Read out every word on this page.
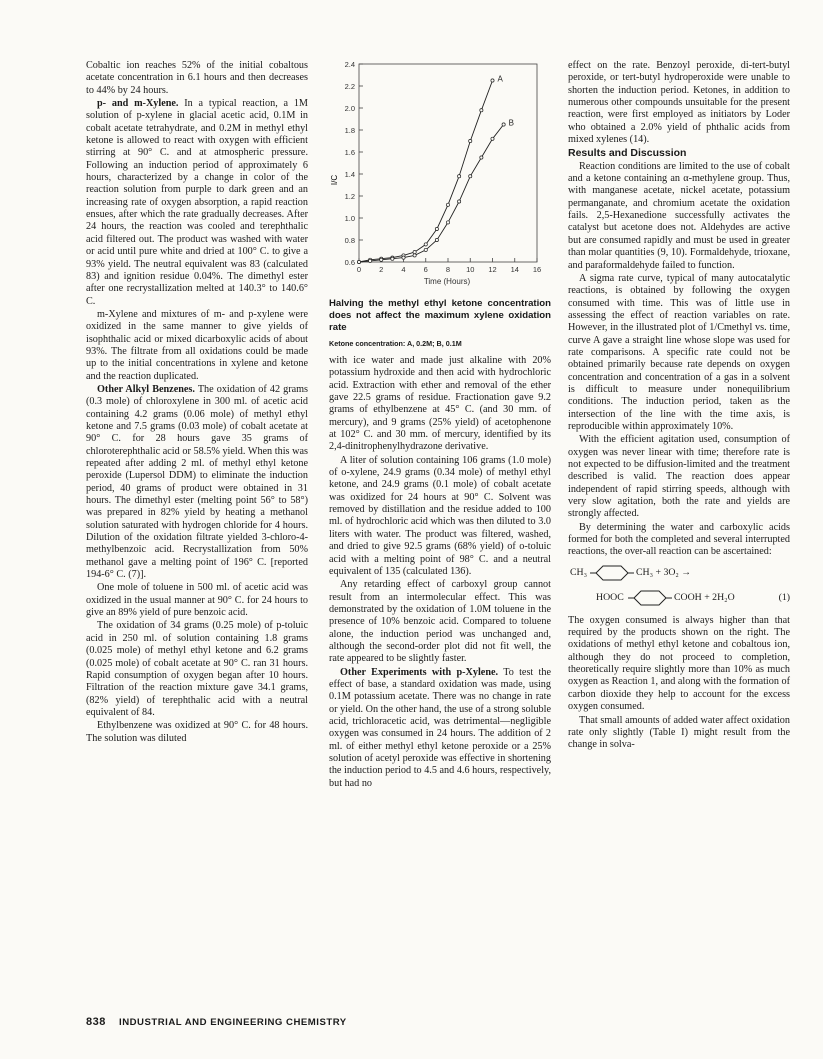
Cobaltic ion reaches 52% of the initial cobaltous acetate concentration in 6.1 hours and then decreases to 44% by 24 hours.

p- and m-Xylene. In a typical reaction, a 1M solution of p-xylene in glacial acetic acid, 0.1M in cobalt acetate tetrahydrate, and 0.2M in methyl ethyl ketone is allowed to react with oxygen with efficient stirring at 90° C. and at atmospheric pressure. Following an induction period of approximately 6 hours, characterized by a change in color of the reaction solution from purple to dark green and an increasing rate of oxygen absorption, a rapid reaction ensues, after which the rate gradually decreases. After 24 hours, the reaction was cooled and terephthalic acid filtered out. The product was washed with water or acid until pure white and dried at 100° C. to give a 93% yield. The neutral equivalent was 83 (calculated 83) and ignition residue 0.04%. The dimethyl ester after one recrystallization melted at 140.3° to 140.6° C.

m-Xylene and mixtures of m- and p-xylene were oxidized in the same manner to give yields of isophthalic acid or mixed dicarboxylic acids of about 93%. The filtrate from all oxidations could be made up to the initial concentrations in xylene and ketone and the reaction duplicated.

Other Alkyl Benzenes. The oxidation of 42 grams (0.3 mole) of chloroxylene in 300 ml. of acetic acid containing 4.2 grams (0.06 mole) of methyl ethyl ketone and 7.5 grams (0.03 mole) of cobalt acetate at 90° C. for 28 hours gave 35 grams of chloroterephthalic acid or 58.5% yield. When this was repeated after adding 2 ml. of methyl ethyl ketone peroxide (Lupersol DDM) to eliminate the induction period, 40 grams of product were obtained in 31 hours. The dimethyl ester (melting point 56° to 58°) was prepared in 82% yield by heating a methanol solution saturated with hydrogen chloride for 4 hours. Dilution of the oxidation filtrate yielded 3-chloro-4-methylbenzoic acid. Recrystallization from 50% methanol gave a melting point of 196° C. [reported 194-6° C. (7)].

One mole of toluene in 500 ml. of acetic acid was oxidized in the usual manner at 90° C. for 24 hours to give an 89% yield of pure benzoic acid.

The oxidation of 34 grams (0.25 mole) of p-toluic acid in 250 ml. of solution containing 1.8 grams (0.025 mole) of methyl ethyl ketone and 6.2 grams (0.025 mole) of cobalt acetate at 90° C. ran 31 hours. Rapid consumption of oxygen began after 10 hours. Filtration of the reaction mixture gave 34.1 grams, (82% yield) of terephthalic acid with a neutral equivalent of 84.

Ethylbenzene was oxidized at 90° C. for 48 hours. The solution was diluted

0.6
0.8
1.0
1.2
1.4
1.6
1.8
2.0
2.2
2.4
0 2 4 6 8 10 12 14 16
A
B
I/C
Time (Hours)
Halving the methyl ethyl ketone concentration does not affect the maximum xylene oxidation rate
Ketone concentration: A, 0.2M; B, 0.1M

with ice water and made just alkaline with 20% potassium hydroxide and then acid with hydrochloric acid. Extraction with ether and removal of the ether gave 22.5 grams of residue. Fractionation gave 9.2 grams of ethylbenzene at 45° C. (and 30 mm. of mercury), and 9 grams (25% yield) of acetophenone at 102° C. and 30 mm. of mercury, identified by its 2,4-dinitrophenylhydrazone derivative.

A liter of solution containing 106 grams (1.0 mole) of o-xylene, 24.9 grams (0.34 mole) of methyl ethyl ketone, and 24.9 grams (0.1 mole) of cobalt acetate was oxidized for 24 hours at 90° C. Solvent was removed by distillation and the residue added to 100 ml. of hydrochloric acid which was then diluted to 3.0 liters with water. The product was filtered, washed, and dried to give 92.5 grams (68% yield) of o-toluic acid with a melting point of 98° C. and a neutral equivalent of 135 (calculated 136).

Any retarding effect of carboxyl group cannot result from an intermolecular effect. This was demonstrated by the oxidation of 1.0M toluene in the presence of 10% benzoic acid. Compared to toluene alone, the induction period was unchanged and, although the second-order plot did not fit well, the rate appeared to be slightly faster.

Other Experiments with p-Xylene. To test the effect of base, a standard oxidation was made, using 0.1M potassium acetate. There was no change in rate or yield. On the other hand, the use of a strong soluble acid, trichloracetic acid, was detrimental—negligible oxygen was consumed in 24 hours. The addition of 2 ml. of either methyl ethyl ketone peroxide or a 25% solution of acetyl peroxide was effective in shortening the induction period to 4.5 and 4.6 hours, respectively, but had no

effect on the rate. Benzoyl peroxide, di-tert-butyl peroxide, or tert-butyl hydroperoxide were unable to shorten the induction period. Ketones, in addition to numerous other compounds unsuitable for the present reaction, were first employed as initiators by Loder who obtained a 2.0% yield of phthalic acids from mixed xylenes (14).

Results and Discussion

Reaction conditions are limited to the use of cobalt and a ketone containing an α-methylene group. Thus, with manganese acetate, nickel acetate, potassium permanganate, and chromium acetate the oxidation fails. 2,5-Hexanedione successfully activates the catalyst but acetone does not. Aldehydes are active but are consumed rapidly and must be used in greater than molar quantities (9, 10). Formaldehyde, trioxane, and paraformaldehyde failed to function.

A sigma rate curve, typical of many autocatalytic reactions, is obtained by following the oxygen consumed with time. This was of little use in assessing the effect of reaction variables on rate. However, in the illustrated plot of 1/Cmethyl vs. time, curve A gave a straight line whose slope was used for rate comparisons. A specific rate could not be obtained primarily because rate depends on oxygen concentration and concentration of a gas in a solvent is difficult to measure under nonequilibrium conditions. The induction period, taken as the intersection of the line with the time axis, is reproducible within approximately 10%.

With the efficient agitation used, consumption of oxygen was never linear with time; therefore rate is not expected to be diffusion-limited and the treatment described is valid. The reaction does appear independent of rapid stirring speeds, although with very slow agitation, both the rate and yields are strongly affected.

By determining the water and carboxylic acids formed for both the completed and several interrupted reactions, the over-all reaction can be ascertained:

CH₃	CH₃ + 3O₂ →
HOOC	COOH + 2H₂O	(1)

The oxygen consumed is always higher than that required by the products shown on the right. The oxidations of methyl ethyl ketone and cobaltous ion, although they do not proceed to completion, theoretically require slightly more than 10% as much oxygen as Reaction 1, and along with the formation of carbon dioxide they help to account for the excess oxygen consumed.

That small amounts of added water affect oxidation rate only slightly (Table I) might result from the change in solva-

838 INDUSTRIAL AND ENGINEERING CHEMISTRY
